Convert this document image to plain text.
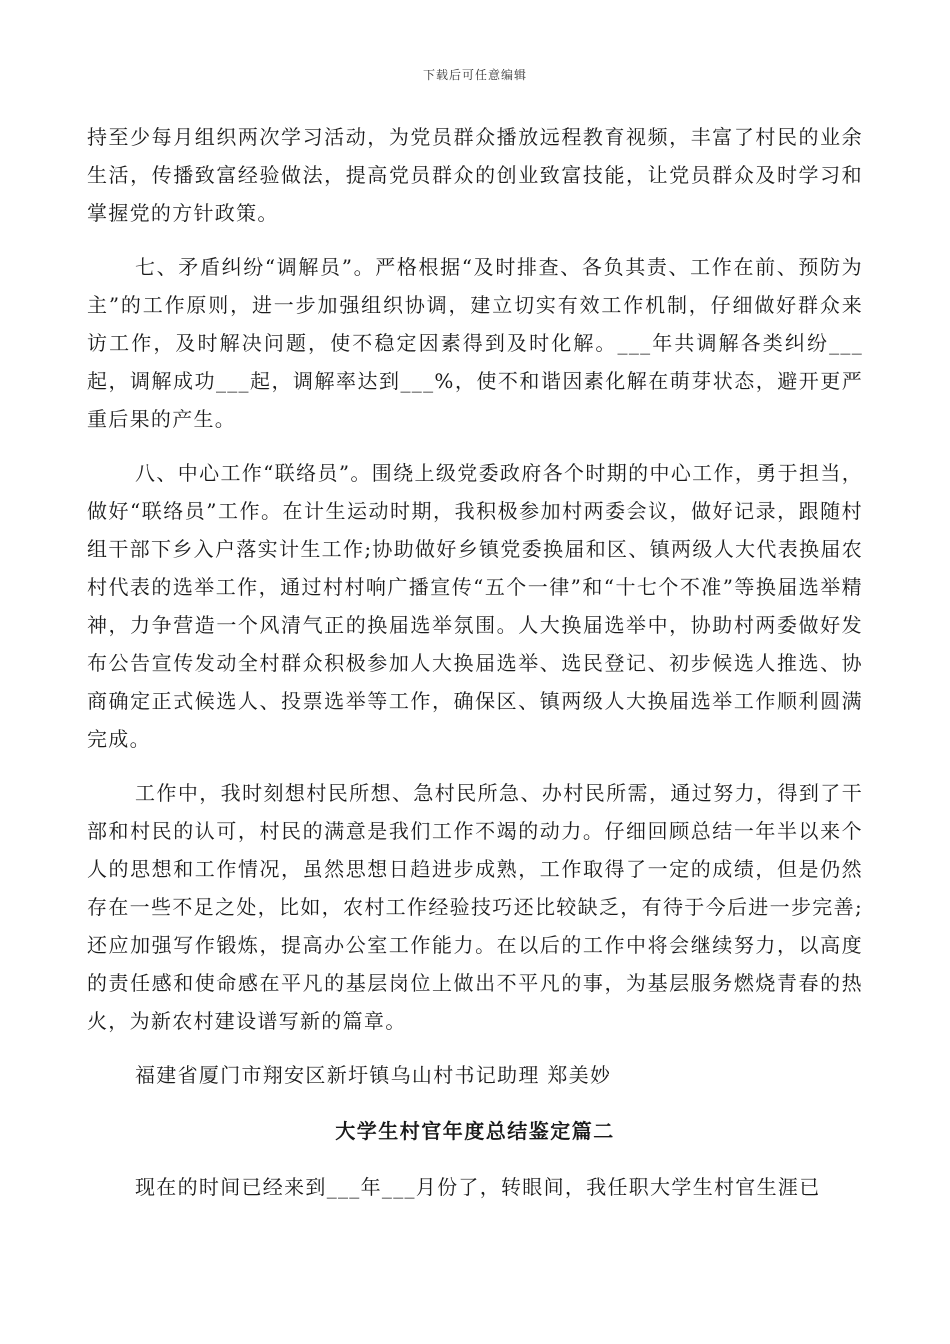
下载后可任意编辑

持至少每月组织两次学习活动，为党员群众播放远程教育视频，丰富了村民的业余生活，传播致富经验做法，提高党员群众的创业致富技能，让党员群众及时学习和掌握党的方针政策。

七、矛盾纠纷“调解员”。严格根据“及时排查、各负其责、工作在前、预防为主”的工作原则，进一步加强组织协调，建立切实有效工作机制，仔细做好群众来访工作，及时解决问题，使不稳定因素得到及时化解。___年共调解各类纠纷___起，调解成功___起，调解率达到___%，使不和谐因素化解在萌芽状态，避开更严重后果的产生。

八、中心工作“联络员”。围绕上级党委政府各个时期的中心工作，勇于担当，做好“联络员”工作。在计生运动时期，我积极参加村两委会议，做好记录，跟随村组干部下乡入户落实计生工作;协助做好乡镇党委换届和区、镇两级人大代表换届农村代表的选举工作，通过村村响广播宣传“五个一律”和“十七个不准”等换届选举精神，力争营造一个风清气正的换届选举氛围。人大换届选举中，协助村两委做好发布公告宣传发动全村群众积极参加人大换届选举、选民登记、初步候选人推选、协商确定正式候选人、投票选举等工作，确保区、镇两级人大换届选举工作顺利圆满完成。

工作中，我时刻想村民所想、急村民所急、办村民所需，通过努力，得到了干部和村民的认可，村民的满意是我们工作不竭的动力。仔细回顾总结一年半以来个人的思想和工作情况，虽然思想日趋进步成熟，工作取得了一定的成绩，但是仍然存在一些不足之处，比如，农村工作经验技巧还比较缺乏，有待于今后进一步完善;还应加强写作锻炼，提高办公室工作能力。在以后的工作中将会继续努力，以高度的责任感和使命感在平凡的基层岗位上做出不平凡的事，为基层服务燃烧青春的热火，为新农村建设谱写新的篇章。

福建省厦门市翔安区新圩镇乌山村书记助理 郑美妙

大学生村官年度总结鉴定篇二

现在的时间已经来到___年___月份了，转眼间，我任职大学生村官生涯已
